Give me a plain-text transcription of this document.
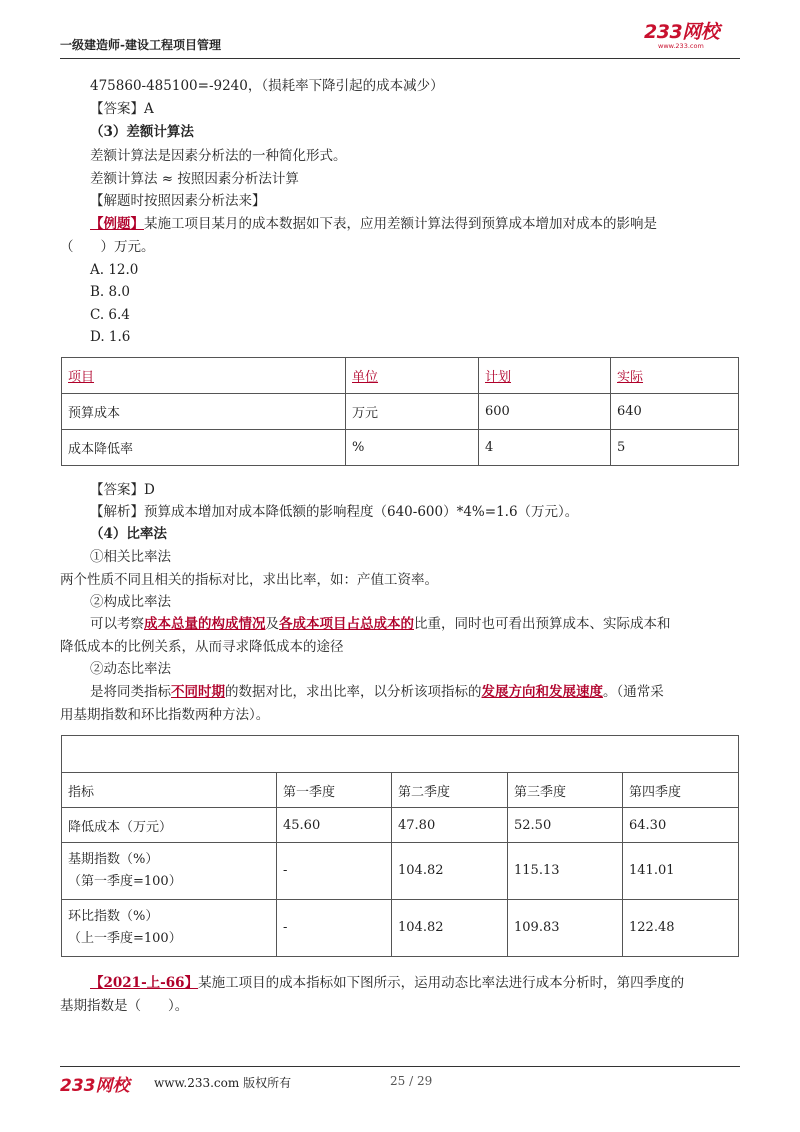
一级建造师-建设工程项目管理
233网校
www.233.com
475860-485100=-9240，（损耗率下降引起的成本减少）
【答案】A
（3）差额计算法
差额计算法是因素分析法的一种简化形式。
差额计算法 ≈ 按照因素分析法计算
【解题时按照因素分析法来】
【例题】某施工项目某月的成本数据如下表，应用差额计算法得到预算成本增加对成本的影响是
（　　）万元。
A. 12.0
B. 8.0
C. 6.4
D. 1.6
项目	单位	计划	实际
预算成本	万元	600	640
成本降低率	%	4	5
【答案】D
【解析】预算成本增加对成本降低额的影响程度（640-600）*4%=1.6（万元）。
（4）比率法
①相关比率法
两个性质不同且相关的指标对比，求出比率，如：产值工资率。
②构成比率法
可以考察成本总量的构成情况及各成本项目占总成本的比重，同时也可看出预算成本、实际成本和
降低成本的比例关系，从而寻求降低成本的途径
②动态比率法
是将同类指标不同时期的数据对比，求出比率，以分析该项指标的发展方向和发展速度。（通常采
用基期指数和环比指数两种方法）。

指标	第一季度	第二季度	第三季度	第四季度
降低成本（万元）	45.60	47.80	52.50	64.30

基期指数（%）
（第一季度=100）	-	104.82	115.13	141.01

环比指数（%）
（上一季度=100）	-	104.82	109.83	122.48
【2021-上-66】某施工项目的成本指标如下图所示，运用动态比率法进行成本分析时，第四季度的
基期指数是（　　）。
233网校 www.233.com 版权所有	25 / 29
